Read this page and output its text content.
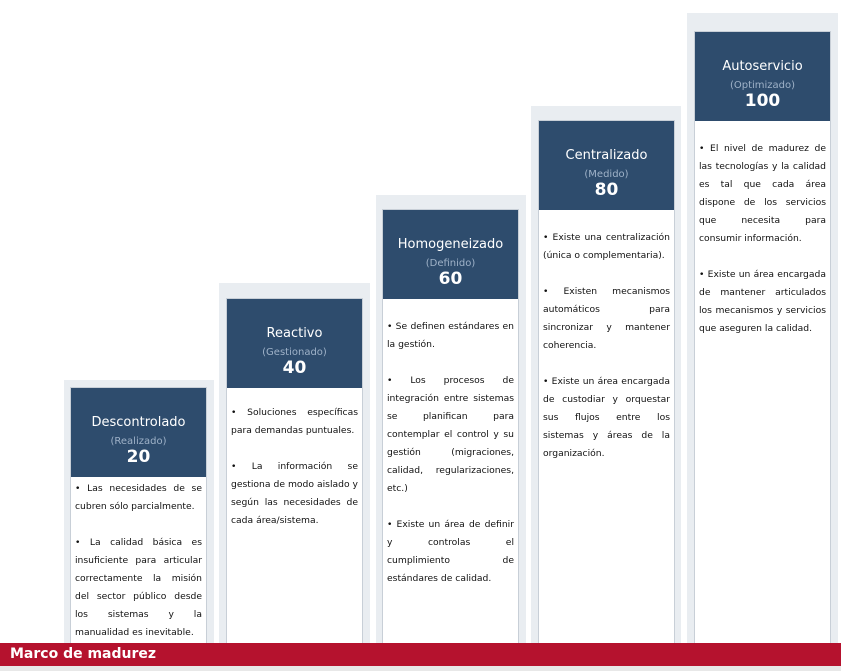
Descontrolado
(Realizado)
20

• Las necesidades de se cubren sólo parcialmente.

• La calidad básica es insuficiente para articular correctamente la misión del sector público desde los sistemas y la manualidad es inevitable.

Reactivo
(Gestionado)
40

• Soluciones específicas para demandas puntuales.

• La información se gestiona de modo aislado y según las necesidades de cada área/sistema.

Homogeneizado
(Definido)
60

• Se definen estándares en la gestión.

• Los procesos de integración entre sistemas se planifican para contemplar el control y su gestión (migraciones, calidad, regularizaciones, etc.)

• Existe un área de definir y controlas el cumplimiento de estándares de calidad.

Centralizado
(Medido)
80

• Existe una centralización (única o complementaria).

• Existen mecanismos automáticos para sincronizar y mantener coherencia.

• Existe un área encargada de custodiar y orquestar sus flujos entre los sistemas y áreas de la organización.

Autoservicio
(Optimizado)
100

• El nivel de madurez de las tecnologías y la calidad es tal que cada área dispone de los servicios que necesita para consumir información.

• Existe un área encargada de mantener articulados los mecanismos y servicios que aseguren la calidad.

Marco de madurez
